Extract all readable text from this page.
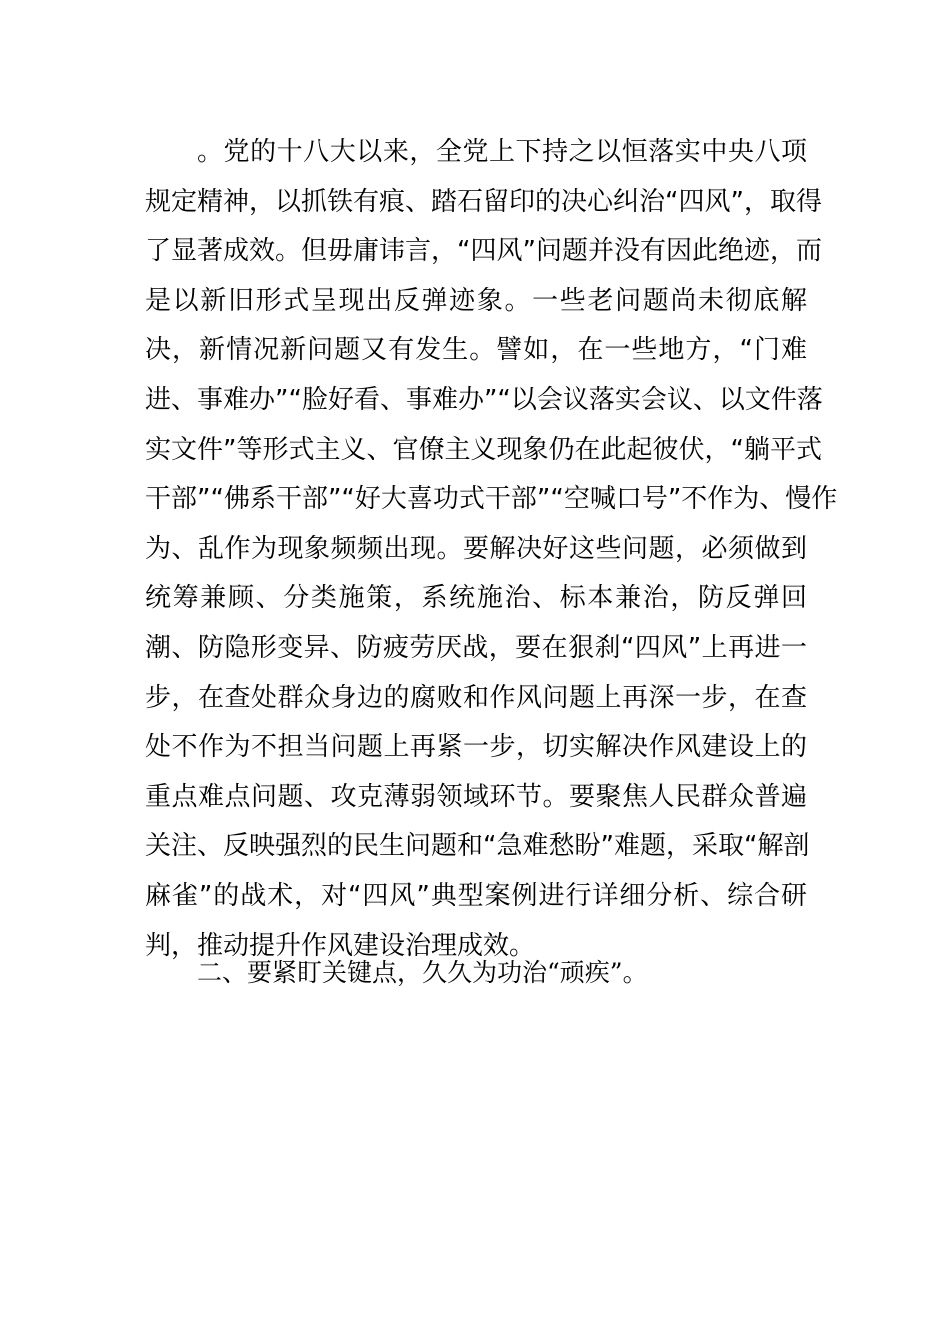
。党的十八大以来，全党上下持之以恒落实中央八项
规定精神，以抓铁有痕、踏石留印的决心纠治“四风”，取得
了显著成效。但毋庸讳言，“四风”问题并没有因此绝迹，而
是以新旧形式呈现出反弹迹象。一些老问题尚未彻底解
决，新情况新问题又有发生。譬如，在一些地方，“门难
进、事难办”“脸好看、事难办”“以会议落实会议、以文件落
实文件”等形式主义、官僚主义现象仍在此起彼伏，“躺平式
干部”“佛系干部”“好大喜功式干部”“空喊口号”不作为、慢作
为、乱作为现象频频出现。要解决好这些问题，必须做到
统筹兼顾、分类施策，系统施治、标本兼治，防反弹回
潮、防隐形变异、防疲劳厌战，要在狠刹“四风”上再进一
步，在查处群众身边的腐败和作风问题上再深一步，在查
处不作为不担当问题上再紧一步，切实解决作风建设上的
重点难点问题、攻克薄弱领域环节。要聚焦人民群众普遍
关注、反映强烈的民生问题和“急难愁盼”难题，采取“解剖
麻雀”的战术，对“四风”典型案例进行详细分析、综合研
判，推动提升作风建设治理成效。

二、要紧盯关键点，久久为功治“顽疾”。
